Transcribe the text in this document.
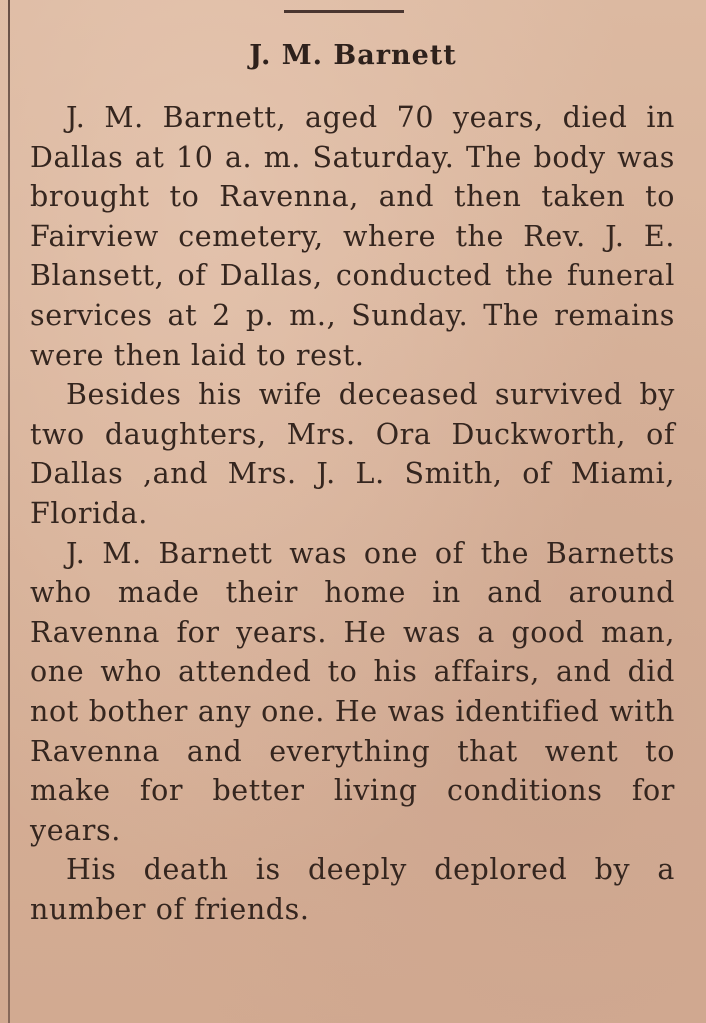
J. M. Barnett

J. M. Barnett, aged 70 years, died in Dallas at 10 a. m. Saturday. The body was brought to Ravenna, and then taken to Fairview cemetery, where the Rev. J. E. Blansett, of Dallas, conducted the funeral services at 2 p. m., Sunday. The remains were then laid to rest.

Besides his wife deceased survived by two daughters, Mrs. Ora Duckworth, of Dallas ,and Mrs. J. L. Smith, of Miami, Florida.

J. M. Barnett was one of the Barnetts who made their home in and around Ravenna for years. He was a good man, one who attended to his affairs, and did not bother any one. He was identified with Ravenna and everything that went to make for better living conditions for years.

His death is deeply deplored by a number of friends.
